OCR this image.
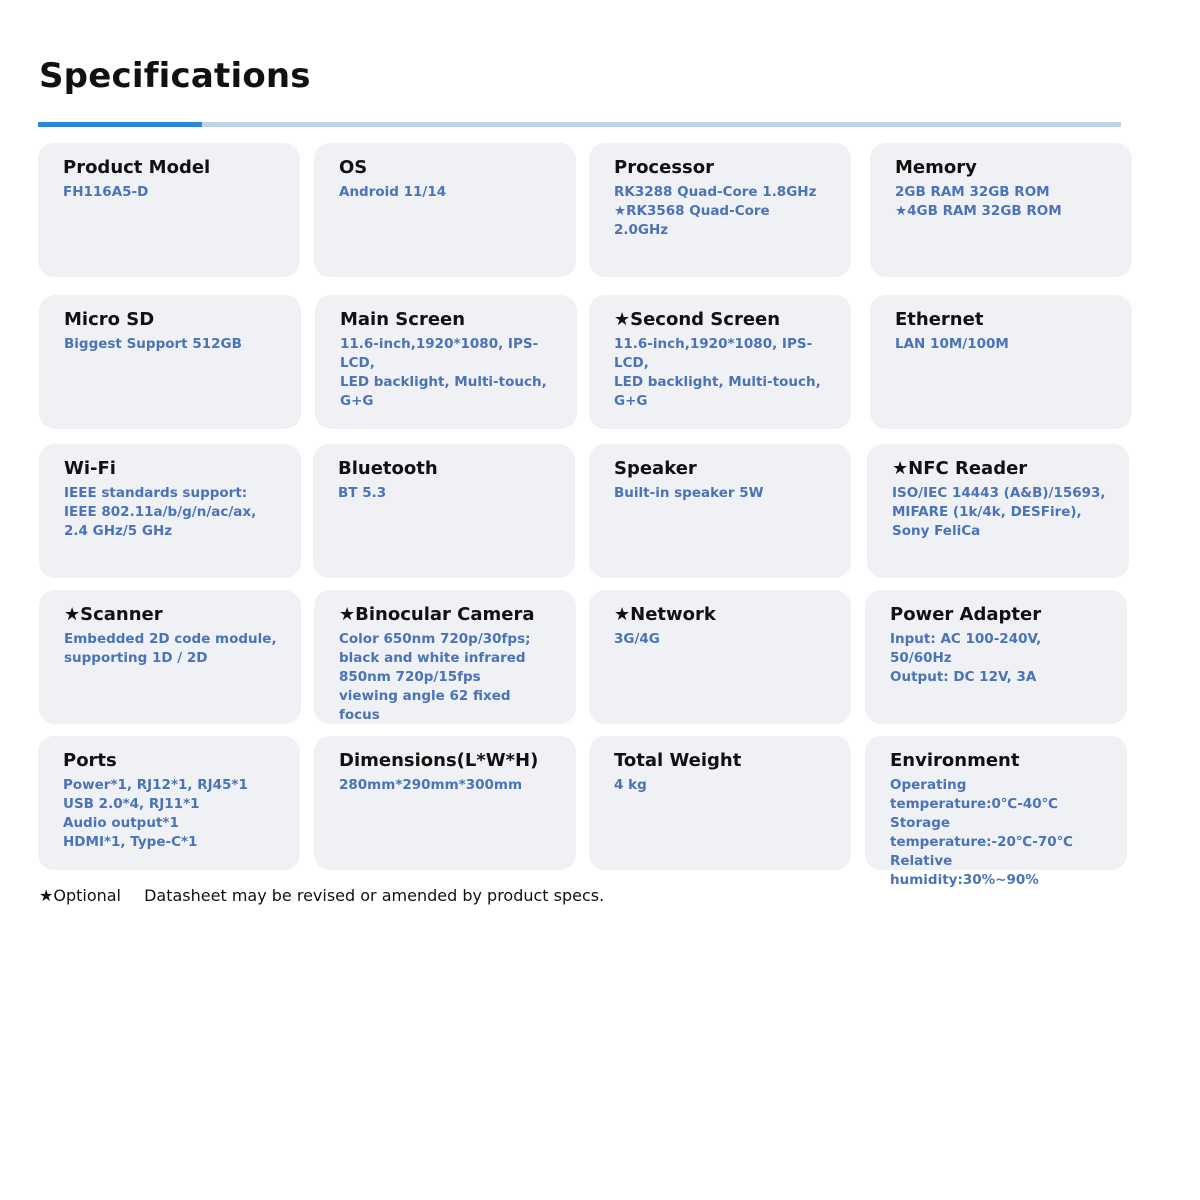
Specifications
Product Model
FH116A5-D
OS
Android 11/14
Processor
RK3288 Quad-Core 1.8GHz
★RK3568 Quad-Core
2.0GHz
Memory
2GB RAM 32GB ROM
★4GB RAM 32GB ROM
Micro SD
Biggest Support 512GB
Main Screen
11.6-inch,1920*1080, IPS-LCD,
LED backlight, Multi-touch,
G+G
★Second Screen
11.6-inch,1920*1080, IPS-LCD,
LED backlight, Multi-touch,
G+G
Ethernet
LAN 10M/100M
Wi-Fi
IEEE standards support:
IEEE 802.11a/b/g/n/ac/ax,
2.4 GHz/5 GHz
Bluetooth
BT 5.3
Speaker
Built-in speaker 5W
★NFC Reader
ISO/IEC 14443 (A&B)/15693,
MIFARE (1k/4k, DESFire),
Sony FeliCa
★Scanner
Embedded 2D code module,
supporting 1D / 2D
★Binocular Camera
Color 650nm 720p/30fps;
black and white infrared
850nm 720p/15fps
viewing angle 62 fixed focus
★Network
3G/4G
Power Adapter
Input: AC 100-240V, 50/60Hz
Output: DC 12V, 3A
Ports
Power*1, RJ12*1, RJ45*1
USB 2.0*4, RJ11*1
Audio output*1
HDMI*1, Type-C*1
Dimensions(L*W*H)
280mm*290mm*300mm
Total Weight
4 kg
Environment
Operating
temperature:0℃-40℃
Storage temperature:-20℃-70℃
Relative humidity:30%~90%
★Optional Datasheet may be revised or amended by product specs.
